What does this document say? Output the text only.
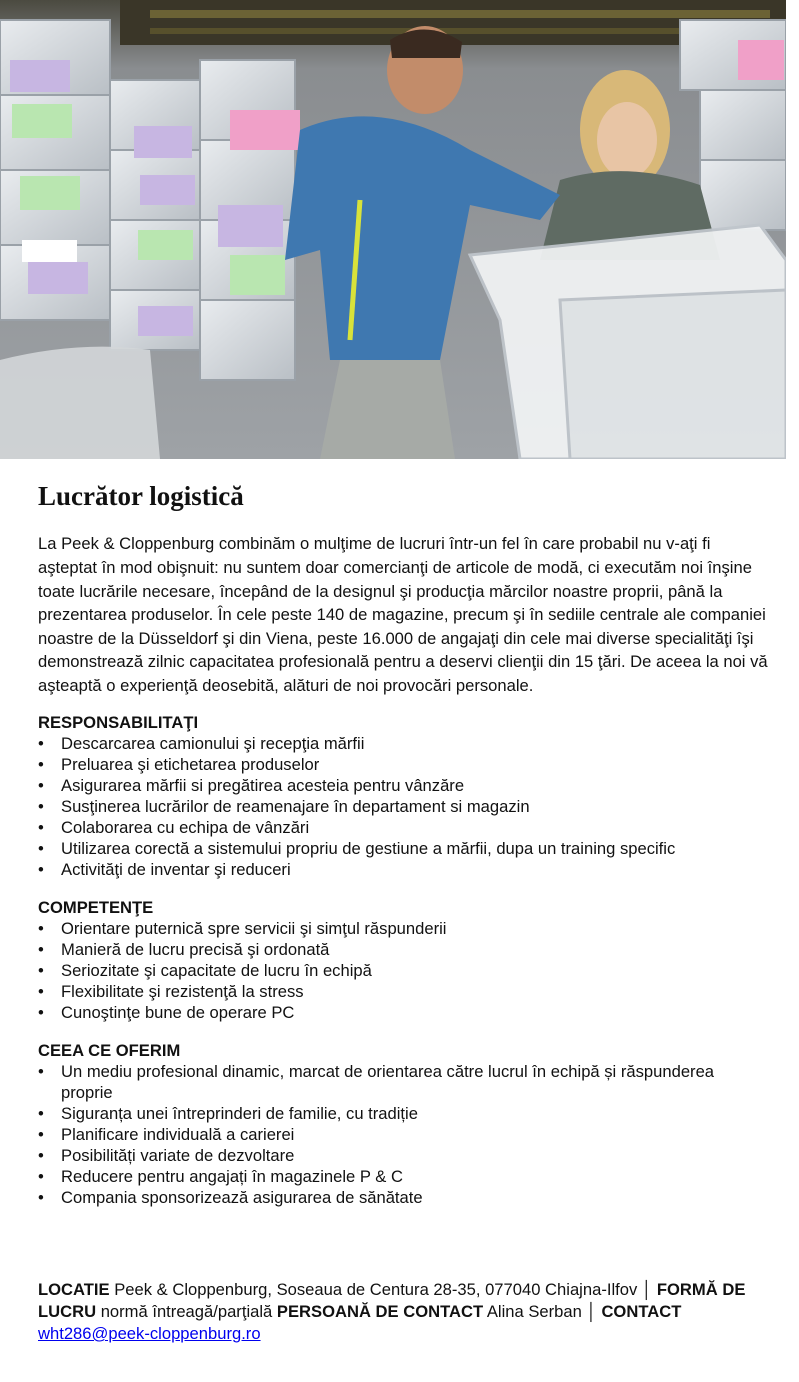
Lucrător logistică

La Peek & Cloppenburg combinăm o mulţime de lucruri într-un fel în care probabil nu v-aţi fi aşteptat în mod obişnuit: nu suntem doar comercianţi de articole de modă, ci executăm noi înşine toate lucrările necesare, începând de la designul şi producţia mărcilor noastre proprii, până la prezentarea produselor. În cele peste 140 de magazine, precum şi în sediile centrale ale companiei noastre de la Düsseldorf şi din Viena, peste 16.000 de angajaţi din cele mai diverse specialităţi îşi demonstrează zilnic capacitatea profesională pentru a deservi clienţii din 15 ţări. De aceea la noi vă aşteaptă o experienţă deosebită, alături de noi provocări personale.

RESPONSABILITAŢI
• Descarcarea camionului şi recepţia mărfii
• Preluarea şi etichetarea produselor
• Asigurarea mărfii si pregătirea acesteia pentru vânzăre
• Susţinerea lucrărilor de reamenajare în departament si magazin
• Colaborarea cu echipa de vânzări
• Utilizarea corectă a sistemului propriu de gestiune a mărfii, dupa un training specific
• Activităţi de inventar şi reduceri
COMPETENŢE
• Orientare puternică spre servicii şi simţul răspunderii
• Manieră de lucru precisă şi ordonată
• Seriozitate şi capacitate de lucru în echipă
• Flexibilitate şi rezistenţă la stress
• Cunoştinţe bune de operare PC
CEEA CE OFERIM
• Un mediu profesional dinamic, marcat de orientarea către lucrul în echipă și răspunderea proprie
• Siguranța unei întreprinderi de familie, cu tradiție
• Planificare individuală a carierei
• Posibilități variate de dezvoltare
• Reducere pentru angajați în magazinele P & C
• Compania sponsorizează asigurarea de sănătate
LOCATIE Peek & Cloppenburg, Soseaua de Centura 28-35, 077040 Chiajna-Ilfov │ FORMĂ DE LUCRU normă întreagă/parţială PERSOANĂ DE CONTACT Alina Serban │ CONTACT
wht286@peek-cloppenburg.ro
